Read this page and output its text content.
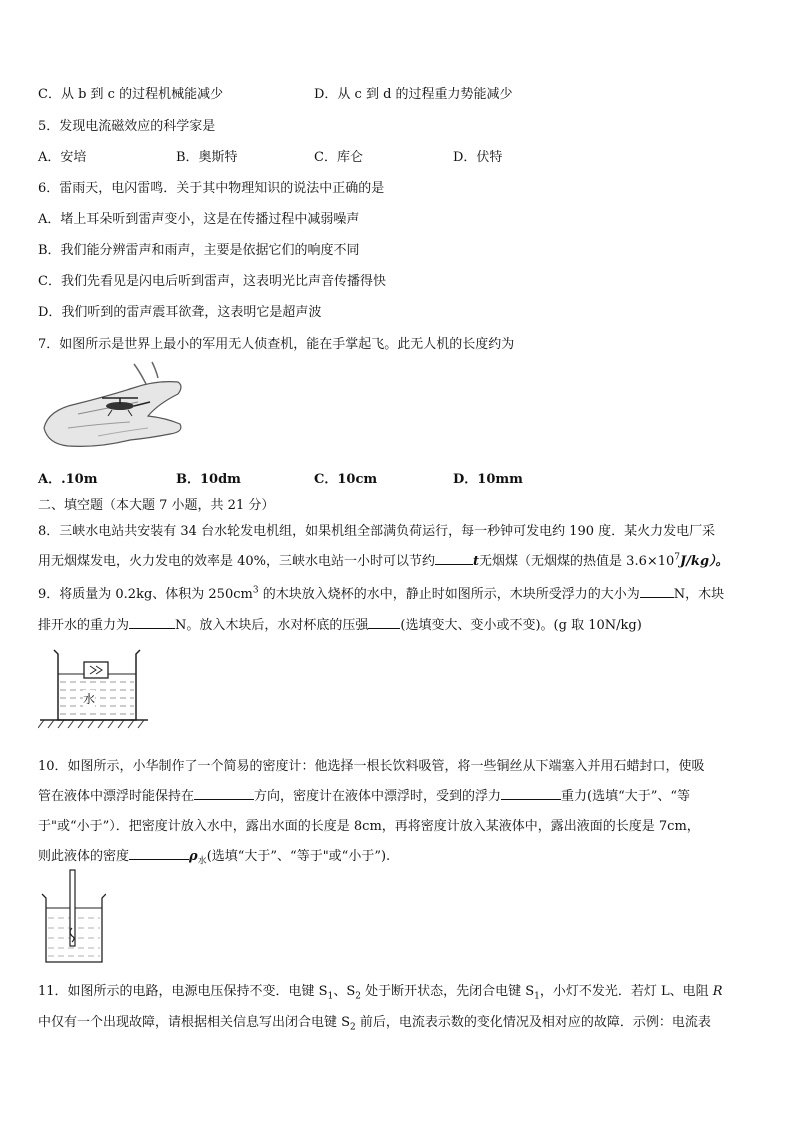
C．从 b 到 c 的过程机械能减少	D．从 c 到 d 的过程重力势能减少
5．发现电流磁效应的科学家是
A．安培	B．奥斯特	C．库仑	D．伏特
6．雷雨天，电闪雷鸣．关于其中物理知识的说法中正确的是
A．堵上耳朵听到雷声变小，这是在传播过程中减弱噪声
B．我们能分辨雷声和雨声，主要是依据它们的响度不同
C．我们先看见是闪电后听到雷声，这表明光比声音传播得快
D．我们听到的雷声震耳欲聋，这表明它是超声波
7．如图所示是世界上最小的军用无人侦查机，能在手掌起飞。此无人机的长度约为
A．.10m	B．10dm	C．10cm	D．10mm
二、填空题（本大题 7 小题，共 21 分）
8．三峡水电站共安装有 34 台水轮发电机组，如果机组全部满负荷运行，每一秒钟可发电约 190 度．某火力发电厂采
用无烟煤发电，火力发电的效率是 40%，三峡水电站一小时可以节约	t无烟煤（无烟煤的热值是 $3.6\times 10^7J/kg$）。
9．将质量为 0.2kg、体积为 $250cm^3$ 的木块放入烧杯的水中，静止时如图所示，木块所受浮力的大小为	N，木块
排开水的重力为	N。放入木块后，水对杯底的压强 (选填变大、变小或不变)。(g 取 10N/kg)
水
10．如图所示，小华制作了一个简易的密度计：他选择一根长饮料吸管，将一些铜丝从下端塞入并用石蜡封口，使吸
管在液体中漂浮时能保持在	方向，密度计在液体中漂浮时，受到的浮力	重力(选填“大于”、“等
于"或“小于”）．把密度计放入水中，露出水面的长度是 8cm，再将密度计放入某液体中，露出液面的长度是 7cm，
则此液体的密度	$\rho_水$(选填“大于”、“等于"或“小于”).
11．如图所示的电路，电源电压保持不变．电键 $S_1$、$S_2$ 处于断开状态，先闭合电键 $S_1$，小灯不发光．若灯 L、电阻 R
中仅有一个出现故障，请根据相关信息写出闭合电键 $S_2$ 前后，电流表示数的变化情况及相对应的故障．示例：电流表
